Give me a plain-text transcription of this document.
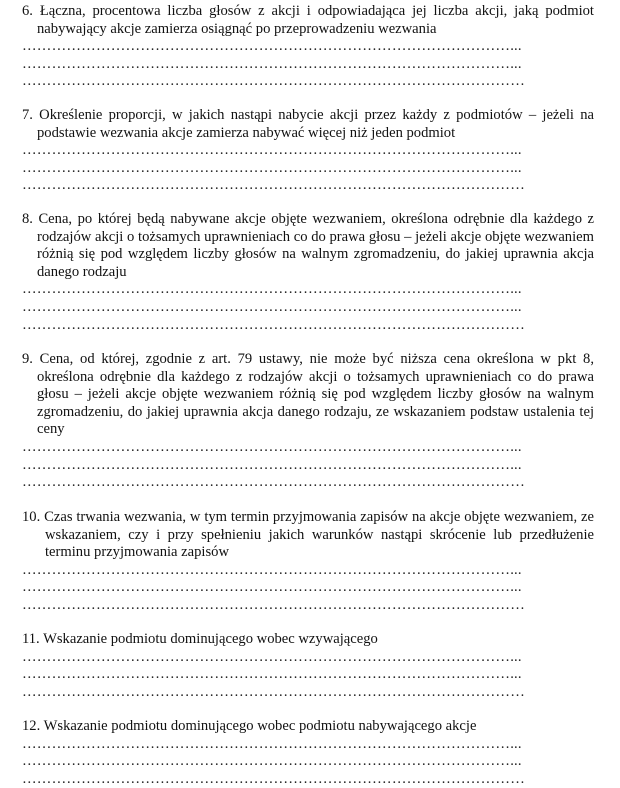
6. Łączna, procentowa liczba głosów z akcji i odpowiadająca jej liczba akcji, jaką podmiot nabywający akcje zamierza osiągnąć po przeprowadzeniu wezwania

………………………………………………………………………………………...

………………………………………………………………………………………...

…………………………………………………………………………………………

7. Określenie proporcji, w jakich nastąpi nabycie akcji przez każdy z podmiotów – jeżeli na podstawie wezwania akcje zamierza nabywać więcej niż jeden podmiot

………………………………………………………………………………………...

………………………………………………………………………………………...

…………………………………………………………………………………………

8. Cena, po której będą nabywane akcje objęte wezwaniem, określona odrębnie dla każdego z rodzajów akcji o tożsamych uprawnieniach co do prawa głosu – jeżeli akcje objęte wezwaniem różnią się pod względem liczby głosów na walnym zgromadzeniu, do jakiej uprawnia akcja danego rodzaju

………………………………………………………………………………………...

………………………………………………………………………………………...

…………………………………………………………………………………………

9. Cena, od której, zgodnie z art. 79 ustawy, nie może być niższa cena określona w pkt 8, określona odrębnie dla każdego z rodzajów akcji o tożsamych uprawnieniach co do prawa głosu – jeżeli akcje objęte wezwaniem różnią się pod względem liczby głosów na walnym zgromadzeniu, do jakiej uprawnia akcja danego rodzaju, ze wskazaniem podstaw ustalenia tej ceny

………………………………………………………………………………………...

………………………………………………………………………………………...

…………………………………………………………………………………………

10. Czas trwania wezwania, w tym termin przyjmowania zapisów na akcje objęte wezwaniem, ze wskazaniem, czy i przy spełnieniu jakich warunków nastąpi skrócenie lub przedłużenie terminu przyjmowania zapisów

………………………………………………………………………………………...

………………………………………………………………………………………...

…………………………………………………………………………………………

11. Wskazanie podmiotu dominującego wobec wzywającego

………………………………………………………………………………………...

………………………………………………………………………………………...

…………………………………………………………………………………………

12. Wskazanie podmiotu dominującego wobec podmiotu nabywającego akcje

………………………………………………………………………………………...

………………………………………………………………………………………...

…………………………………………………………………………………………
